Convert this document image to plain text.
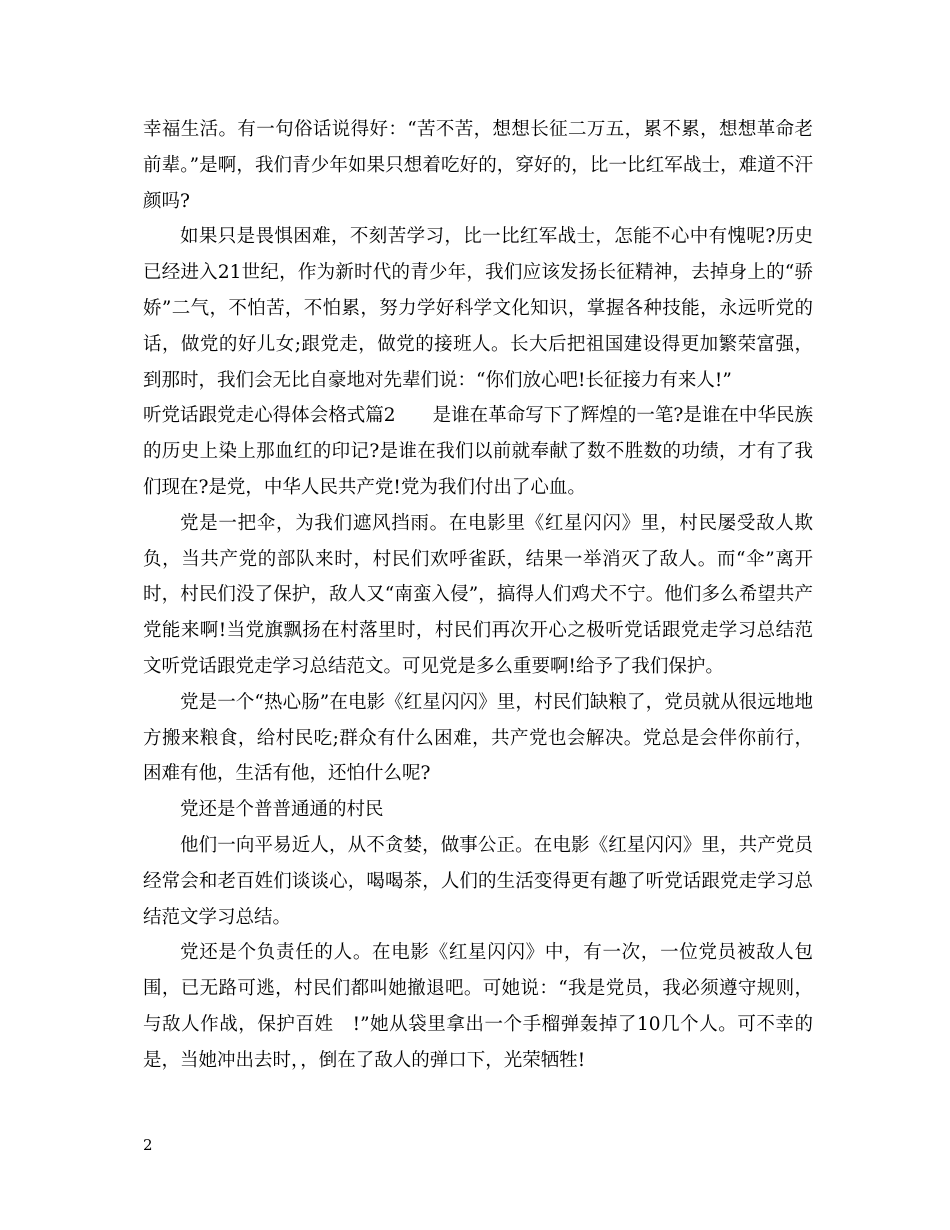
幸福生活。有一句俗话说得好：“苦不苦，想想长征二万五，累不累，想想革命老前辈。”是啊，我们青少年如果只想着吃好的，穿好的，比一比红军战士，难道不汗颜吗?

如果只是畏惧困难，不刻苦学习，比一比红军战士，怎能不心中有愧呢?历史已经进入21世纪，作为新时代的青少年，我们应该发扬长征精神，去掉身上的“骄娇”二气，不怕苦，不怕累，努力学好科学文化知识，掌握各种技能，永远听党的话，做党的好儿女;跟党走，做党的接班人。长大后把祖国建设得更加繁荣富强，到那时，我们会无比自豪地对先辈们说：“你们放心吧!长征接力有来人!”

听党话跟党走心得体会格式篇2　　是谁在革命写下了辉煌的一笔?是谁在中华民族的历史上染上那血红的印记?是谁在我们以前就奉献了数不胜数的功绩，才有了我们现在?是党，中华人民共产党!党为我们付出了心血。

党是一把伞，为我们遮风挡雨。在电影里《红星闪闪》里，村民屡受敌人欺负，当共产党的部队来时，村民们欢呼雀跃，结果一举消灭了敌人。而“伞”离开时，村民们没了保护，敌人又“南蛮入侵”，搞得人们鸡犬不宁。他们多么希望共产党能来啊!当党旗飘扬在村落里时，村民们再次开心之极听党话跟党走学习总结范文听党话跟党走学习总结范文。可见党是多么重要啊!给予了我们保护。

党是一个“热心肠”在电影《红星闪闪》里，村民们缺粮了，党员就从很远地地方搬来粮食，给村民吃;群众有什么困难，共产党也会解决。党总是会伴你前行，困难有他，生活有他，还怕什么呢?

党还是个普普通通的村民

他们一向平易近人，从不贪婪，做事公正。在电影《红星闪闪》里，共产党员经常会和老百姓们谈谈心，喝喝茶，人们的生活变得更有趣了听党话跟党走学习总结范文学习总结。

党还是个负责任的人。在电影《红星闪闪》中，有一次，一位党员被敌人包围，已无路可逃，村民们都叫她撤退吧。可她说：“我是党员，我必须遵守规则，与敌人作战，保护百姓　!”她从袋里拿出一个手榴弹轰掉了10几个人。可不幸的是，当她冲出去时，，倒在了敌人的弹口下，光荣牺牲!

2
